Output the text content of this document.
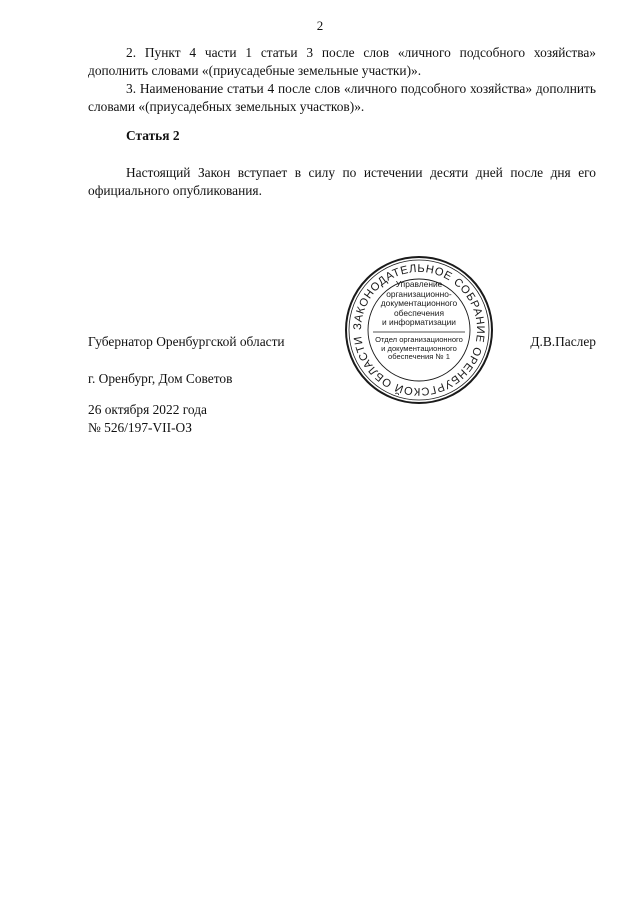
2

2. Пункт 4 части 1 статьи 3 после слов «личного подсобного хозяйства» дополнить словами «(приусадебные земельные участки)».

3. Наименование статьи 4 после слов «личного подсобного хозяйства» дополнить словами «(приусадебных земельных участков)».

Статья 2

Настоящий Закон вступает в силу по истечении десяти дней после дня его официального опубликования.

Губернатор Оренбургской области	Д.В.Паслер
г. Оренбург, Дом Советов
26 октября 2022 года
№ 526/197-VII-ОЗ
ЗАКОНОДАТЕЛЬНОЕ СОБРАНИЕ ОРЕНБУРГСКОЙ ОБЛАСТИ
Управление
организационно-
документационного
обеспечения
и информатизации
Отдел организационного
и документационного
обеспечения № 1
